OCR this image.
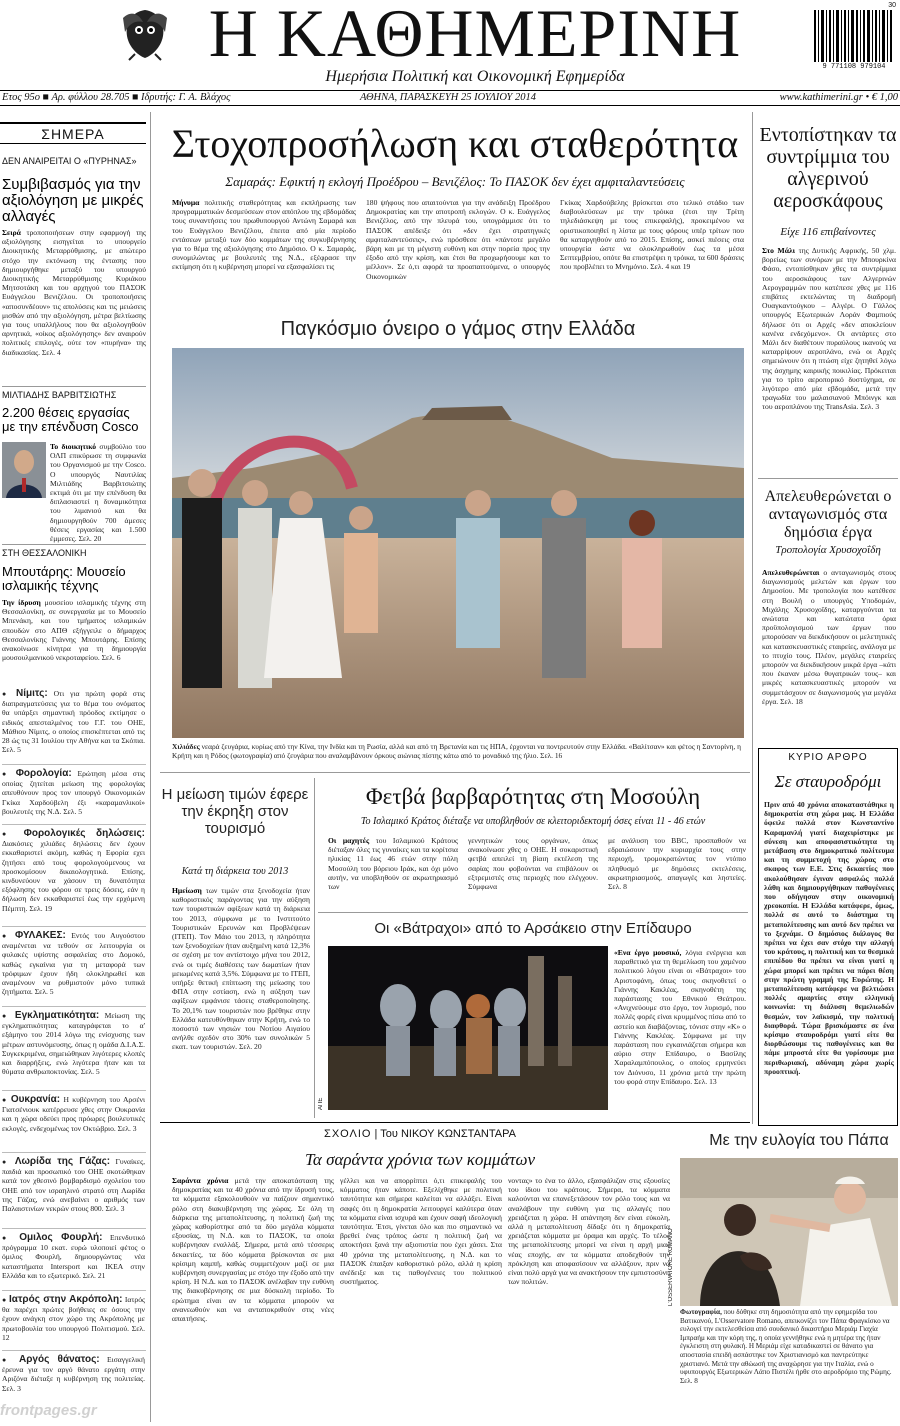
Η ΚΑΘΗΜΕΡΙΝΗ
Ημερήσια Πολιτική και Οικονομική Εφημερίδα
30
9 771108 979104
Ετος 95ο ■ Αρ. φύλλου 28.705 ■ Ιδρυτής: Γ. Α. Βλάχος	ΑΘΗΝΑ, ΠΑΡΑΣΚΕΥΗ 25 ΙΟΥΛΙΟΥ 2014	www.kathimerini.gr • € 1,00
ΣΗΜΕΡΑ
ΔΕΝ ΑΝΑΙΡΕΙΤΑΙ Ο «ΠΥΡΗΝΑΣ»
Συμβιβασμός για την αξιολόγηση με μικρές αλλαγές
Σειρά τροποποιήσεων στην εφαρμογή της αξιολόγησης εισηγείται το υπουργείο Διοικητικής Μεταρρύθμισης, με απώτερο στόχο την εκτόνωση της έντασης που δημιουργήθηκε μεταξύ του υπουργού Διοικητικής Μεταρρύθμισης Κυριάκου Μητσοτάκη και του αρχηγού του ΠΑΣΟΚ Ευάγγελου Βενιζέλου. Οι τροποποιήσεις «αποσυνδέουν» τις απολύσεις και τις μειώσεις μισθών από την αξιολόγηση, μέτρα βελτίωσης για τους υπαλλήλους που θα αξιολογηθούν αρνητικά, «οίκος αξιολόγησης» δεν αναιρούν πολιτικές επιλογές, ούτε τον «πυρήνα» της διαδικασίας. Σελ. 4
ΜΙΛΤΙΑΔΗΣ ΒΑΡΒΙΤΣΙΩΤΗΣ
2.200 θέσεις εργασίας με την επένδυση Cosco
Το διοικητικό συμβούλιο του ΟΛΠ επικύρωσε τη συμφωνία του Οργανισμού με την Cosco. Ο υπουργός Ναυτιλίας Μιλτιάδης Βαρβιτσιώτης εκτιμά ότι με την επένδυση θα διπλασιαστεί η δυναμικότητα του λιμανιού και θα δημιουργηθούν 700 άμεσες θέσεις εργασίας και 1.500 έμμεσες. Σελ. 20
ΣΤΗ ΘΕΣΣΑΛΟΝΙΚΗ
Μπουτάρης: Μουσείο ισλαμικής τέχνης
Την ίδρυση μουσείου ισλαμικής τέχνης στη Θεσσαλονίκη, σε συνεργασία με το Μουσείο Μπενάκη, και του τμήματος ισλαμικών σπουδών στο ΑΠΘ εξήγγειλε ο δήμαρχος Θεσσαλονίκης Γιάννης Μπουτάρης. Επίσης ανακοίνωσε κίνητρα για τη δημιουργία μουσουλμανικού νεκροταφείου. Σελ. 6
● Νίμιτς: Οτι για πρώτη φορά στις διαπραγματεύσεις για το θέμα του ονόματος θα υπάρξει σημαντική πρόοδος εκτίμησε ο ειδικός απεσταλμένος του Γ.Γ. του ΟΗΕ, Μάθιου Νίμιτς, ο οποίος επισκέπτεται από τις 28 ώς τις 31 Ιουλίου την Αθήνα και τα Σκόπια. Σελ. 5
● Φορολογία: Ερώτηση μέσα στις οποίας ζητείται μείωση της φορολογίας απευθύνουν προς τον υπουργό Οικονομικών Γκίκα Χαρδούβελη έξι «καραμανλικοί» βουλευτές της Ν.Δ. Σελ. 5
● Φορολογικές δηλώσεις: Διακόσιες χιλιάδες δηλώσεις δεν έχουν εκκαθαριστεί ακόμη, καθώς η Εφορία εχει ζητήσει από τους φορολογούμενους να προσκομίσουν δικαιολογητικά. Επίσης, κινδυνεύουν να χάσουν τη δυνατότητα εξόφλησης του φόρου σε τρεις δόσεις, εάν η δήλωση δεν εκκαθαριστεί έως την ερχόμενη Πέμπτη. Σελ. 19
● ΦΥΛΑΚΕΣ: Εντός του Αυγούστου αναμένεται να τεθούν σε λειτουργία οι φυλακές υψίστης ασφαλείας στο Δομοκό, καθώς εγκαίνια για τη μεταφορά των τρόφιμων έχουν ήδη ολοκληρωθεί και αναμένουν να ρυθμιστούν μόνο τυπικά ζητήματα. Σελ. 5
● Εγκληματικότητα: Μείωση της εγκληματικότητας καταγράφεται το α' εξάμηνο του 2014 λόγω της ενίσχυσης των μέτρων αστυνόμευσης, όπως η ομάδα Δ.Ι.Α.Σ. Συγκεκριμένα, σημειώθηκαν λιγότερες κλοπές και διαρρήξεις, ενώ λιγότερα ήταν και τα θύματα ανθρωποκτονίας. Σελ. 5
● Ουκρανία: Η κυβέρνηση του Αρσένι Γιατσένιουκ κατέρρευσε χθες στην Ουκρανία και η χώρα οδεύει προς πρόωρες βουλευτικές εκλογές, ενδεχομένως τον Οκτώβριο. Σελ. 3
● Λωρίδα της Γάζας: Γυναίκες, παιδιά και προσωπικό του ΟΗΕ σκοτώθηκαν κατά τον χθεσινό βομβαρδισμό σχολείου του ΟΗΕ από τον ισραηλινό στρατό στη Λωρίδα της Γάζας, ενώ ανεβαίνει ο αριθμός των Παλαιστινίων νεκρών στους 800. Σελ. 3
● Ομιλος Φουρλή: Επενδυτικό πρόγραμμα 10 εκατ. ευρώ υλοποιεί φέτος ο όμιλος Φουρλή, δημιουργώντας νέα καταστήματα Intersport και ΙΚΕΑ στην Ελλάδα και το εξωτερικό. Σελ. 21
● Ιατρός στην Ακρόπολη: Ιατρός θα παρέχει πρώτες βοήθειες σε όσους την έχουν ανάγκη στον χώρο της Ακρόπολης με πρωτοβουλία του υπουργού Πολιτισμού. Σελ. 12
● Αργός θάνατος: Εισαγγελική έρευνα για τον αργό θάνατο εργάτη στην Αριζόνα διέταξε η κυβέρνηση της πολιτείας. Σελ. 3
frontpages.gr
Στοχοπροσήλωση και σταθερότητα
Σαμαράς: Εφικτή η εκλογή Προέδρου – Βενιζέλος: Το ΠΑΣΟΚ δεν έχει αμφιταλαντεύσεις
Μήνυμα πολιτικής σταθερότητας και εκπλήρωσης των προγραμματικών δεσμεύσεων στον απόπλου της εβδομάδας τους συναντήσεις του πρωθυπουργού Αντώνη Σαμαρά και του Ευάγγελου Βενιζέλου, έπειτα από μία περίοδο εντάσεων μεταξύ των δύο κομμάτων της συγκυβέρνησης για το θέμα της αξιολόγησης στο Δημόσιο. Ο κ. Σαμαράς, συνομιλώντας με βουλευτές της Ν.Δ., εξέφρασε την εκτίμηση ότι η κυβέρνηση μπορεί να εξασφαλίσει τις
180 ψήφους που απαιτούνται για την ανάδειξη Προέδρου Δημοκρατίας και την αποτροπή εκλογών. Ο κ. Ευάγγελος Βενιζέλος, από την πλευρά του, υπογράμμισε ότι το ΠΑΣΟΚ απέδειξε ότι «δεν έχει στρατηγικές αμφιταλαντεύσεις», ενώ πρόσθεσε ότι «πάντοτε μεγάλο βάρη και με τη μέγιστη ευθύνη και στην πορεία προς την έξοδο από την κρίση, και έτσι θα προχωρήσουμε και το μέλλον». Σε ό,τι αφορά τα προαπαιτούμενα, ο υπουργός Οικονομικών
Γκίκας Χαρδούβελης βρίσκεται στο τελικό στάδιο των διαβουλεύσεων με την τρόικα (έτσι την Τρίτη τηλεδιάσκεψη με τους επικεφαλής), προκειμένου να οριστικοποιηθεί η λίστα με τους φόρους υπέρ τρίτων που θα καταργηθούν από το 2015. Επίσης, ασκεί πιέσεις στα υπουργεία ώστε να ολοκληρωθούν έως τα μέσα Σεπτεμβρίου, οπότε θα επιστρέψει η τρόικα, τα 600 δράσεις που προβλέπει το Μνημόνιο. Σελ. 4 και 19
Παγκόσμιο όνειρο ο γάμος στην Ελλάδα
Χιλιάδες νεαρά ζευγάρια, κυρίως από την Κίνα, την Ινδία και τη Ρωσία, αλλά και από τη Βρετανία και τις ΗΠΑ, έρχονται να ποντρευτούν στην Ελλάδα. «Βαλίτσαν» και φέτος η Σαντορίνη, η Κρήτη και η Ρόδος (φωτογραφία) από ζευγάρια που αναλαμβάνουν όρκους αιώνιας πίστης κάτω από το μοναδικό της ήλιο. Σελ. 16
Εντοπίστηκαν τα συντρίμμια του αλγερινού αεροσκάφους
Είχε 116 επιβαίνοντες
Στο Μάλι της Δυτικής Αφρικής, 50 χλμ. βορείως των συνόρων με την Μπουρκίνα Φάσο, εντοπίσθηκαν χθες τα συντρίμμια του αεροσκάφους των Αλγερινών Αερογραμμών που κατέπεσε χθες με 116 επιβάτες εκτελώντας τη διαδρομή Ουαγκαντούγκου – Αλγέρι. Ο Γάλλος υπουργός Εξωτερικών Λοράν Φαμπιούς δήλωσε ότι οι Αρχές «δεν αποκλείουν κανένα ενδεχόμενο». Οι αντάρτες στο Μάλι δεν διαθέτουν πυραύλους ικανούς να καταρρίψουν αεροπλάνο, ενώ οι Αρχές σημειώνουν ότι η πτώση είχε ζητηθεί λόγω της άσχημης καιρικής ποικιλίας. Πρόκειται για το τρίτο αεροπορικό δυστύχημα, σε λιγότερο από μία εβδομάδα, μετά την τραγωδία του μαλαισιανού Μπόινγκ και του αεροπλάνου της TransAsia. Σελ. 3
Απελευθερώνεται ο ανταγωνισμός στα δημόσια έργα
Τροπολογία Χρυσοχοΐδη
Απελευθερώνεται ο ανταγωνισμός στους διαγωνισμούς μελετών και έργων του Δημοσίου. Με τροπολογία που κατέθεσε στη Βουλή ο υπουργός Υποδομών, Μιχάλης Χρυσοχοΐδης, καταργούνται τα ανώτατα και κατώτατα όρια προϋπολογισμού των έργων που μπορούσαν να διεκδικήσουν οι μελετητικές και κατασκευαστικές εταιρείες, ανάλογα με το πτυχίο τους. Πλέον, μεγάλες εταιρείες μπορούν να διεκδικήσουν μικρά έργα –κάτι που έκαναν μέσω θυγατρικών τους– και μικρές κατασκευαστικές μπορούν να συμμετάσχουν σε διαγωνισμούς για μεγάλα έργα. Σελ. 18
ΚΥΡΙΟ ΑΡΘΡΟ
Σε σταυροδρόμι
Πριν από 40 χρόνια αποκαταστάθηκε η δημοκρατία στη χώρα μας. Η Ελλάδα όφειλε πολλά στον Κωνσταντίνο Καραμανλή γιατί διαχειρίστηκε με σύνεση και αποφασιστικότητα τη μετάβαση στο δημοκρατικό πολίτευμα και τη συμμετοχή της χώρας στο σκαφος των Ε.Ε. Στις δεκαετίες που ακολούθησαν έγιναν ασφαλώς πολλά λάθη και δημιουργήθηκαν παθογένειες που οδήγησαν στην οικονομική χρεοκοπία. Η Ελλάδα κατάφερε, όμως, πολλά σε αυτό το διάστημα τη μεταπολίτευσης και αυτό δεν πρέπει να το ξεχνάμε. Ο δημόσιος διάλογος θα πρέπει να έχει σαν στόχο την αλλαγή του κράτους, η πολιτική και τα θεσμικά επιπέδου θα πρέπει να είναι γιατί η χώρα μπορεί και πρέπει να πάρει θέση στην πρώτη γραμμή της Ευρώπης. Η μεταπολίτευση κατάφερε να βελτιώσει πολλές αμαρτίες στην ελληνική κοινωνία: τη διάλυση θεμελιωδών θεσμών, τον λαϊκισμό, την πολιτική διαφθορά. Τώρα βρισκόμαστε σε ένα κρίσιμο σταυροδρόμι γιατί είτε θα διορθώσουμε τις παθογένειες και θα πάμε μπροστά είτε θα γυρίσουμε μια περιθωριακή, αδύναμη χώρα χωρίς προοπτική.
Με την ευλογία του Πάπα
L'OSSERVATORE ROMANO
Φωτογραφία, που δόθηκε στη δημοσιότητα από την εφημερίδα του Βατικανού, L'Osservatore Romano, απεικονίζει τον Πάπα Φραγκίσκο να ευλογεί την εκτελεσθείσα από σουδανικό δικαστήριο Μεριάμ Γιαχία Ιμπραήμ και την κόρη της, η οποία γεννήθηκε ενώ η μητέρα της ήταν έγκλειστη στη φυλακή. Η Μεριάμ είχε καταδικαστεί σε θάνατο για αποστασία επειδή ασπάστηκε τον Χριστιανισμό και παντρεύτηκε χριστιανό. Μετά την αθώωσή της αναχώρησε για την Ιταλία, ενώ ο υφυπουργός Εξωτερικών Λάπο Πιστέλι ήρθε στο αεροδρόμιο της Ρώμης. Σελ. 8
Η μείωση τιμών έφερε την έκρηξη στον τουρισμό
Κατά τη διάρκεια του 2013
Ημείωση των τιμών στα ξενοδοχεία ήταν καθοριστικός παράγοντας για την αύξηση των τουριστικών αφίξεων κατά τη διάρκεια του 2013, σύμφωνα με το Ινστιτούτο Τουριστικών Ερευνών και Προβλέψεων (ΙΤΕΠ). Τον Μάιο του 2013, η πληρότητα των ξενοδοχείων ήταν αυξημένη κατά 12,3% σε σχέση με τον αντίστοιχο μήνα του 2012, ενώ οι τιμές διαθέσεις των δωματίων ήταν μειωμένες κατά 3,5%. Σύμφωνα με το ΙΤΕΠ, υπήρξε θετική επίπτωση της μείωσης του ΦΠΑ στην εστίαση, ενώ η αύξηση των αφίξεων εμφάνισε τάσεις σταθεροποίησης. Το 20,1% των τουριστών που βρέθηκε στην Ελλάδα κατευθύνθηκαν στην Κρήτη, ενώ το ποσοστό των νησιών του Νοτίου Αιγαίου ανήλθε σχεδόν στο 30% των συνολικών 5 εκατ. των τουριστών. Σελ. 20
Φετβά βαρβαρότητας στη Μοσούλη
Το Ισλαμικό Κράτος διέταξε να υποβληθούν σε κλειτοριδεκτομή όσες είναι 11 - 46 ετών
Οι μαχητές του Ισλαμικού Κράτους διέταξαν όλες τις γυναίκες και τα κορίτσια ηλικίας 11 έως 46 ετών στην πόλη Μοσούλη του βόρειου Ιράκ, και όχι μόνο αυτήν, να υποβληθούν σε ακρωτηριασμό των
γεννητικών τους οργάνων, όπως ανακοίνωσε χθες ο ΟΗΕ. Η σοκαριστική φετβά απειλεί τη βίαιη εκτέλεση της σαρίας που φοβούνται να επιβάλουν οι εξτρεμιστές στις περιοχές που ελέγχουν. Σύμφωνα
με ανάλυση του BBC, προσπαθούν να εδραιώσουν την κυριαρχία τους στην περιοχή, τρομοκρατώντας τον ντόπιο πληθυσμό με δημόσιες εκτελέσεις, ακρωτηριασμούς, απαγωγές και ληστείες. Σελ. 8
Οι «Βάτραχοι» από το Αρσάκειο στην Επίδαυρο
ΑΠΕ
«Ενα έργο μουσικό, λόγια ενέργεια και παραθετικό για τη θεμελίωση του χαμένου πολιτικού λόγου είναι οι «Βάτραχοι» του Αριστοφάνη, όπως τους σκηνοθετεί ο Γιάννης Κακλέας, σκηνοθέτη της παράστασης του Εθνικού Θεάτρου. «Ανιχνεύουμε στο έργο, τον λυρισμό, που πολλές φορές είναι κρυμμένος πίσω από το αστείο και διαβάζοντας, τόνισε στην «Κ» ο Γιάννης Κακλέας. Σύμφωνα με την παράσταση που εγκαινιάζεται σήμερα και αύριο στην Επίδαυρο, ο Βασίλης Χαραλαμπόπουλος, ο οποίος ερμηνεύει τον Διόνυσο, 11 χρόνια μετά την πρώτη του φορά στην Επίδαυρο. Σελ. 13
ΣΧΟΛΙΟ | Του ΝΙΚΟΥ ΚΩΝΣΤΑΝΤΑΡΑ
Τα σαράντα χρόνια των κομμάτων
Σαράντα χρόνια μετά την αποκατάσταση της δημοκρατίας και τα 40 χρόνια από την ίδρυσή τους, τα κόμματα εξακολουθούν να παίζουν σημαντικό ρόλο στη διακυβέρνηση της χώρας. Σε όλη τη διάρκεια της μεταπολίτευσης, η πολιτική ζωή της χώρας καθορίστηκε από τα δύο μεγάλα κόμματα εξουσίας, τη Ν.Δ. και το ΠΑΣΟΚ, τα οποία κυβέρνησαν εναλλάξ. Σήμερα, μετά από τέσσερις δεκαετίες, τα δύο κόμματα βρίσκονται σε μια κρίσιμη καμπή, καθώς συμμετέχουν μαζί σε μια κυβέρνηση συνεργασίας με στόχο την έξοδο από την κρίση. Η Ν.Δ. και το ΠΑΣΟΚ ανέλαβαν την ευθύνη της διακυβέρνησης σε μια δύσκολη περίοδο. Το ερώτημα είναι αν τα κόμματα μπορούν να ανανεωθούν και να ανταποκριθούν στις νέες απαιτήσεις.
γέλλει και να απορρίπτει ό,τι επικεφαλής του κόμματος ήταν κάποτε. Εξελίχθηκε με πολιτική ταυτότητα και σήμερα καλείται να αλλάξει. Είναι σαφές ότι η δημοκρατία λειτουργεί καλύτερα όταν τα κόμματα είναι ισχυρά και έχουν σαφή ιδεολογική ταυτότητα. Έτσι, γίνεται όλο και πιο σημαντικό να βρεθεί ένας τρόπος ώστε η πολιτική ζωή να αποκτήσει ξανά την αξιοπιστία που έχει χάσει. Στα 40 χρόνια της μεταπολίτευσης, η Ν.Δ. και το ΠΑΣΟΚ έπαιξαν καθοριστικό ρόλο, αλλά η κρίση ανέδειξε και τις παθογένειες του πολιτικού συστήματος.
νοντας» το ένα το άλλο, εξασφάλιζαν στις εξουσίες του ίδιου του κράτους. Σήμερα, τα κόμματα καλούνται να επανεξετάσουν τον ρόλο τους και να αναλάβουν την ευθύνη για τις αλλαγές που χρειάζεται η χώρα. Η απάντηση δεν είναι εύκολη, αλλά η μεταπολίτευση δίδαξε ότι η δημοκρατία χρειάζεται κόμματα με όραμα και αρχές. Το τέλος της μεταπολίτευσης μπορεί να είναι η αρχή μιας νέας εποχής, αν τα κόμματα αποδεχθούν την πρόκληση και αποφασίσουν να αλλάξουν, πριν να είναι πολύ αργά για να ανακτήσουν την εμπιστοσύνη των πολιτών.
